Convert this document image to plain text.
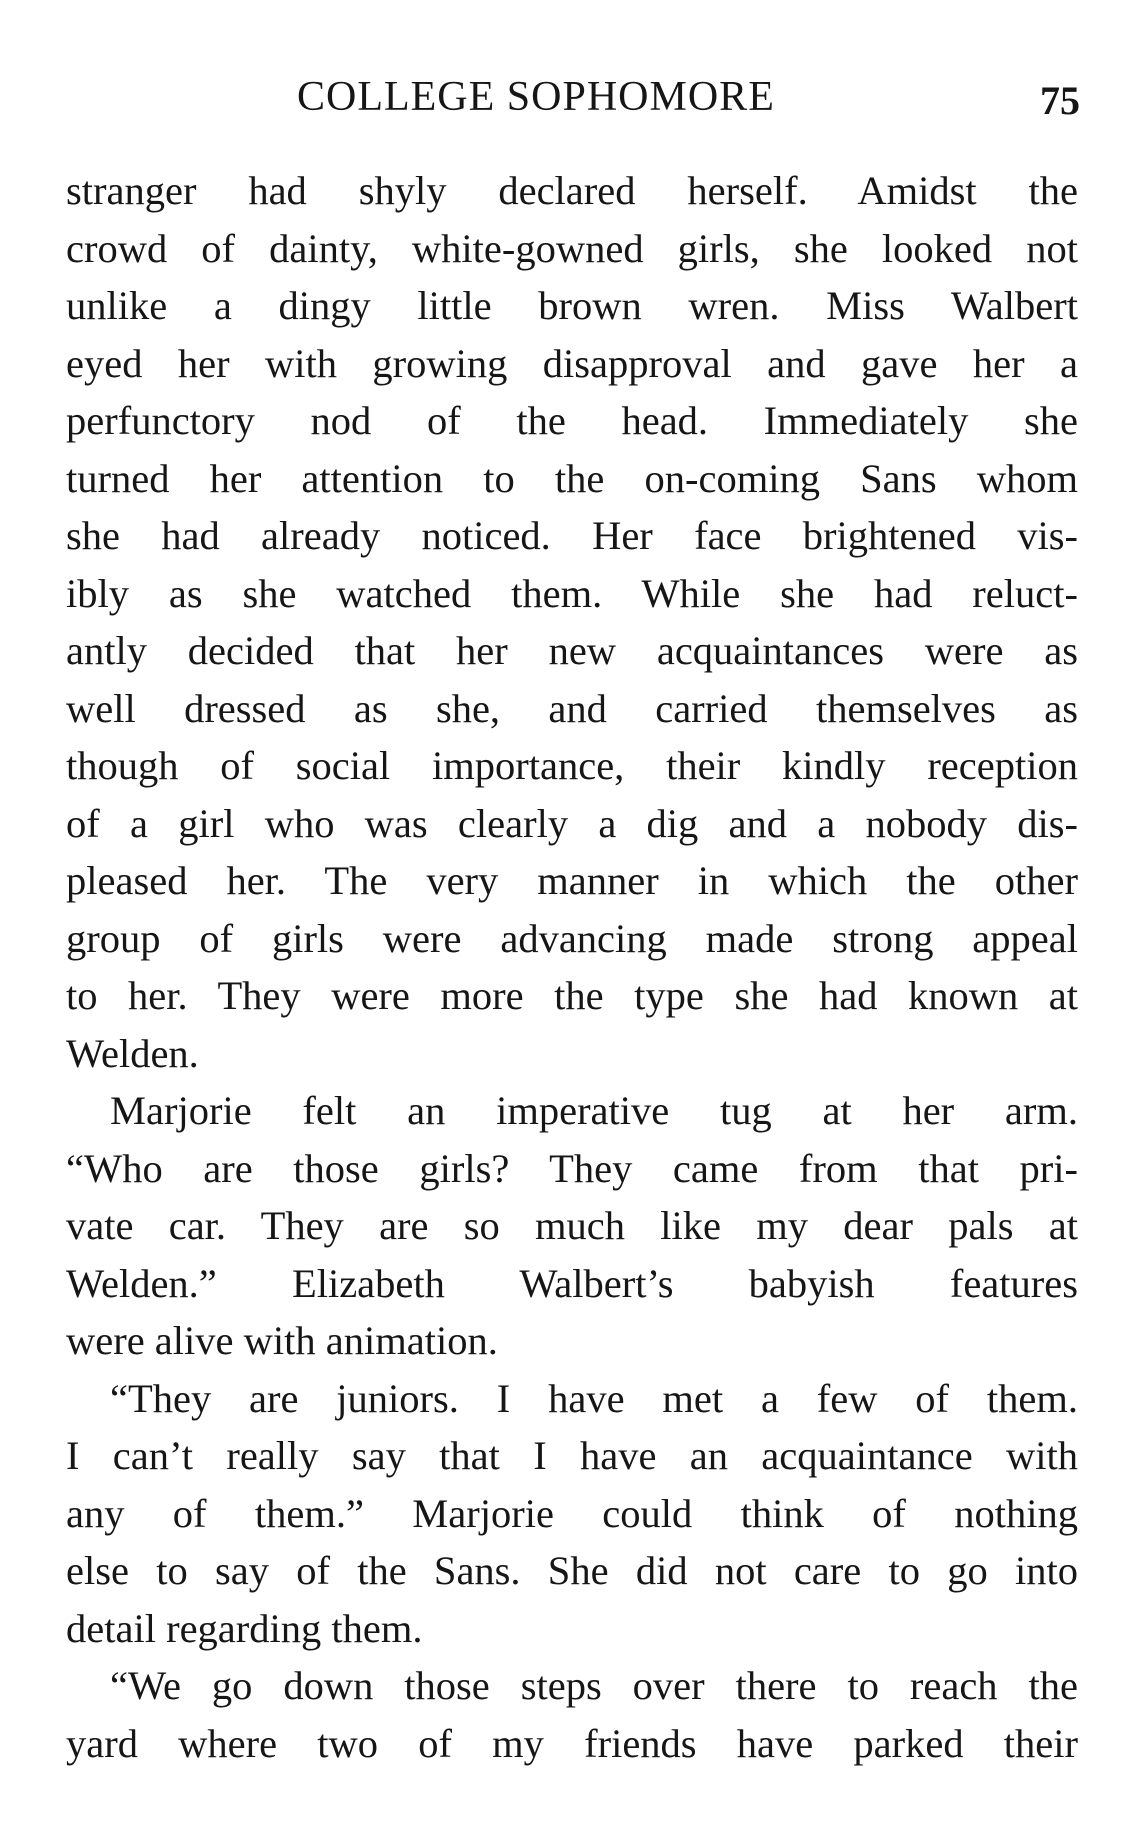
COLLEGE SOPHOMORE	75
stranger had shyly declared herself. Amidst the
crowd of dainty, white-gowned girls, she looked not
unlike a dingy little brown wren. Miss Walbert
eyed her with growing disapproval and gave her a
perfunctory nod of the head. Immediately she
turned her attention to the on-coming Sans whom
she had already noticed. Her face brightened vis-
ibly as she watched them. While she had reluct-
antly decided that her new acquaintances were as
well dressed as she, and carried themselves as
though of social importance, their kindly reception
of a girl who was clearly a dig and a nobody dis-
pleased her. The very manner in which the other
group of girls were advancing made strong appeal
to her. They were more the type she had known at
Welden.
Marjorie felt an imperative tug at her arm.
“Who are those girls? They came from that pri-
vate car. They are so much like my dear pals at
Welden.” Elizabeth Walbert’s babyish features
were alive with animation.
“They are juniors. I have met a few of them.
I can’t really say that I have an acquaintance with
any of them.” Marjorie could think of nothing
else to say of the Sans. She did not care to go into
detail regarding them.
“We go down those steps over there to reach the
yard where two of my friends have parked their
